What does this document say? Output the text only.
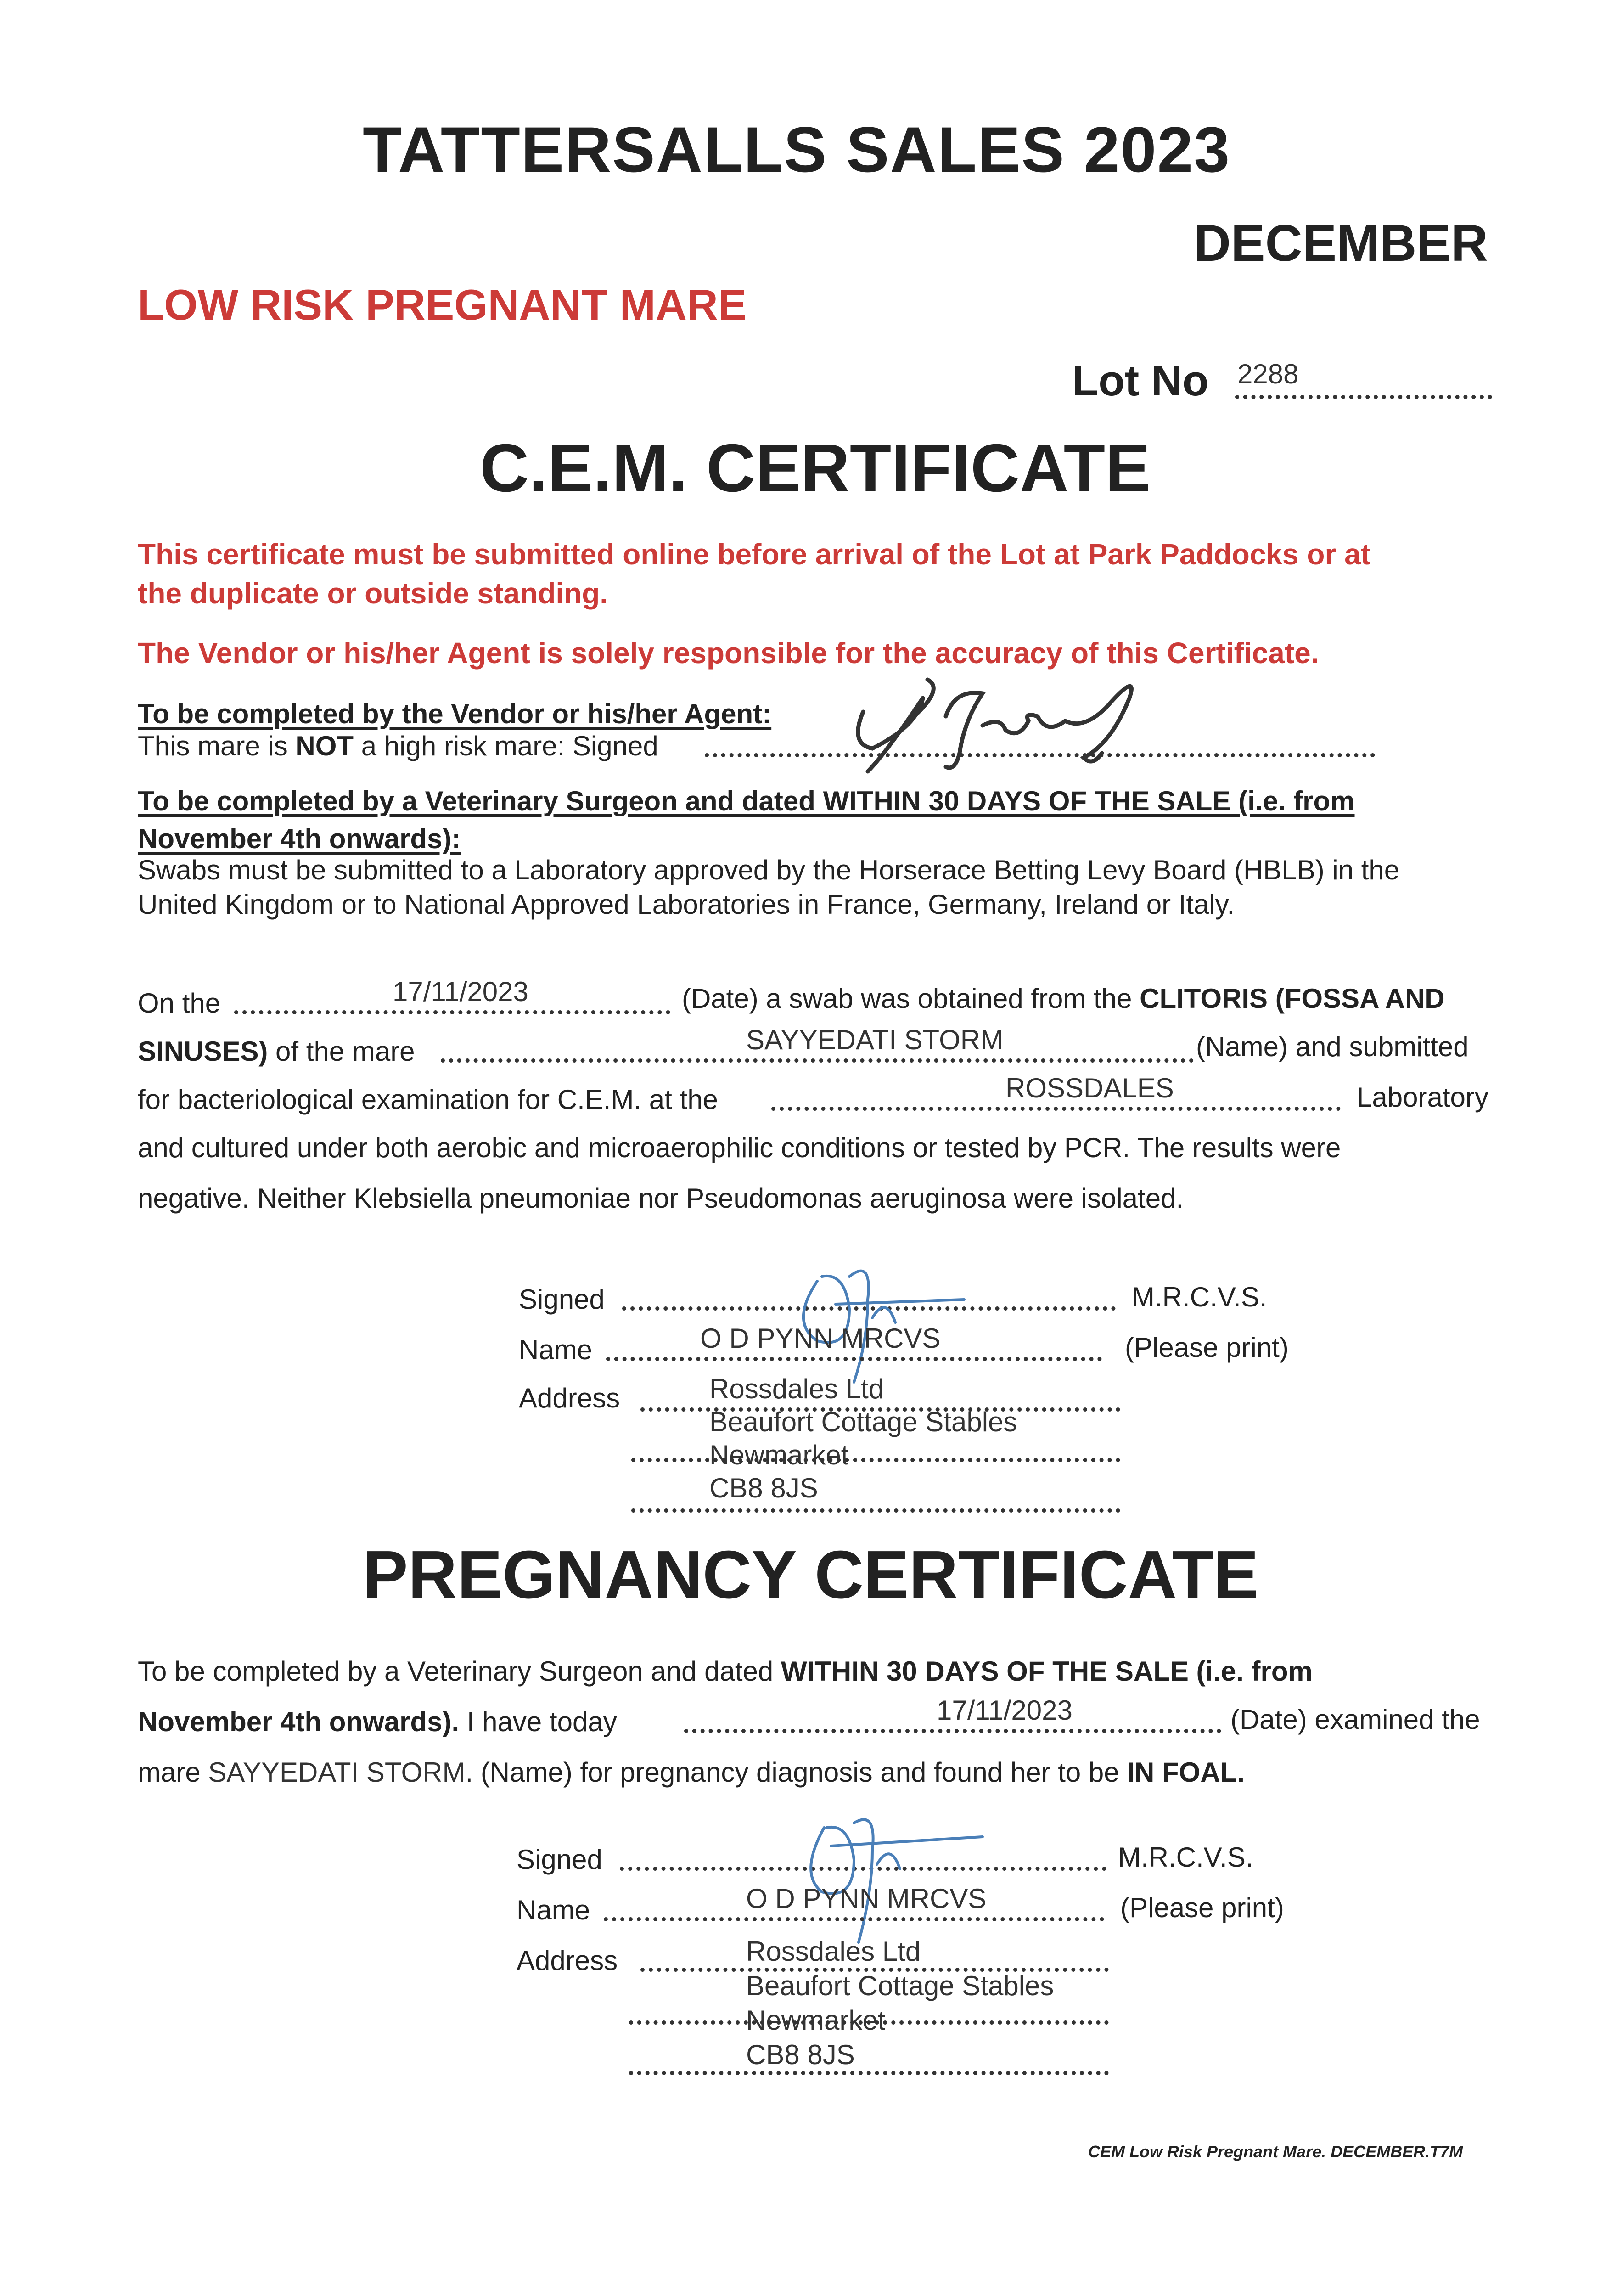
TATTERSALLS SALES 2023
DECEMBER
LOW RISK PREGNANT MARE
Lot No 2288
C.E.M. CERTIFICATE
This certificate must be submitted online before arrival of the Lot at Park Paddocks or at
the duplicate or outside standing.
The Vendor or his/her Agent is solely responsible for the accuracy of this Certificate.
To be completed by the Vendor or his/her Agent:
This mare is NOT a high risk mare: Signed
To be completed by a Veterinary Surgeon and dated WITHIN 30 DAYS OF THE SALE (i.e. from
November 4th onwards):
Swabs must be submitted to a Laboratory approved by the Horserace Betting Levy Board (HBLB) in the
United Kingdom or to National Approved Laboratories in France, Germany, Ireland or Italy.
On the	17/11/2023	(Date) a swab was obtained from the CLITORIS (FOSSA AND
SINUSES) of the mare	SAYYEDATI STORM	(Name) and submitted
for bacteriological examination for C.E.M. at the	ROSSDALES	Laboratory
and cultured under both aerobic and microaerophilic conditions or tested by PCR. The results were
negative. Neither Klebsiella pneumoniae nor Pseudomonas aeruginosa were isolated.
Signed	M.R.C.V.S.
Name	O D PYNN MRCVS	(Please print)
Address	Rossdales Ltd
Beaufort Cottage Stables
Newmarket
CB8 8JS
PREGNANCY CERTIFICATE
To be completed by a Veterinary Surgeon and dated WITHIN 30 DAYS OF THE SALE (i.e. from
November 4th onwards). I have today	17/11/2023	(Date) examined the
mare SAYYEDATI STORM. (Name) for pregnancy diagnosis and found her to be IN FOAL.
Signed	M.R.C.V.S.
Name	O D PYNN MRCVS	(Please print)
Address	Rossdales Ltd
Beaufort Cottage Stables
Newmarket
CB8 8JS
CEM Low Risk Pregnant Mare. DECEMBER.T7M
